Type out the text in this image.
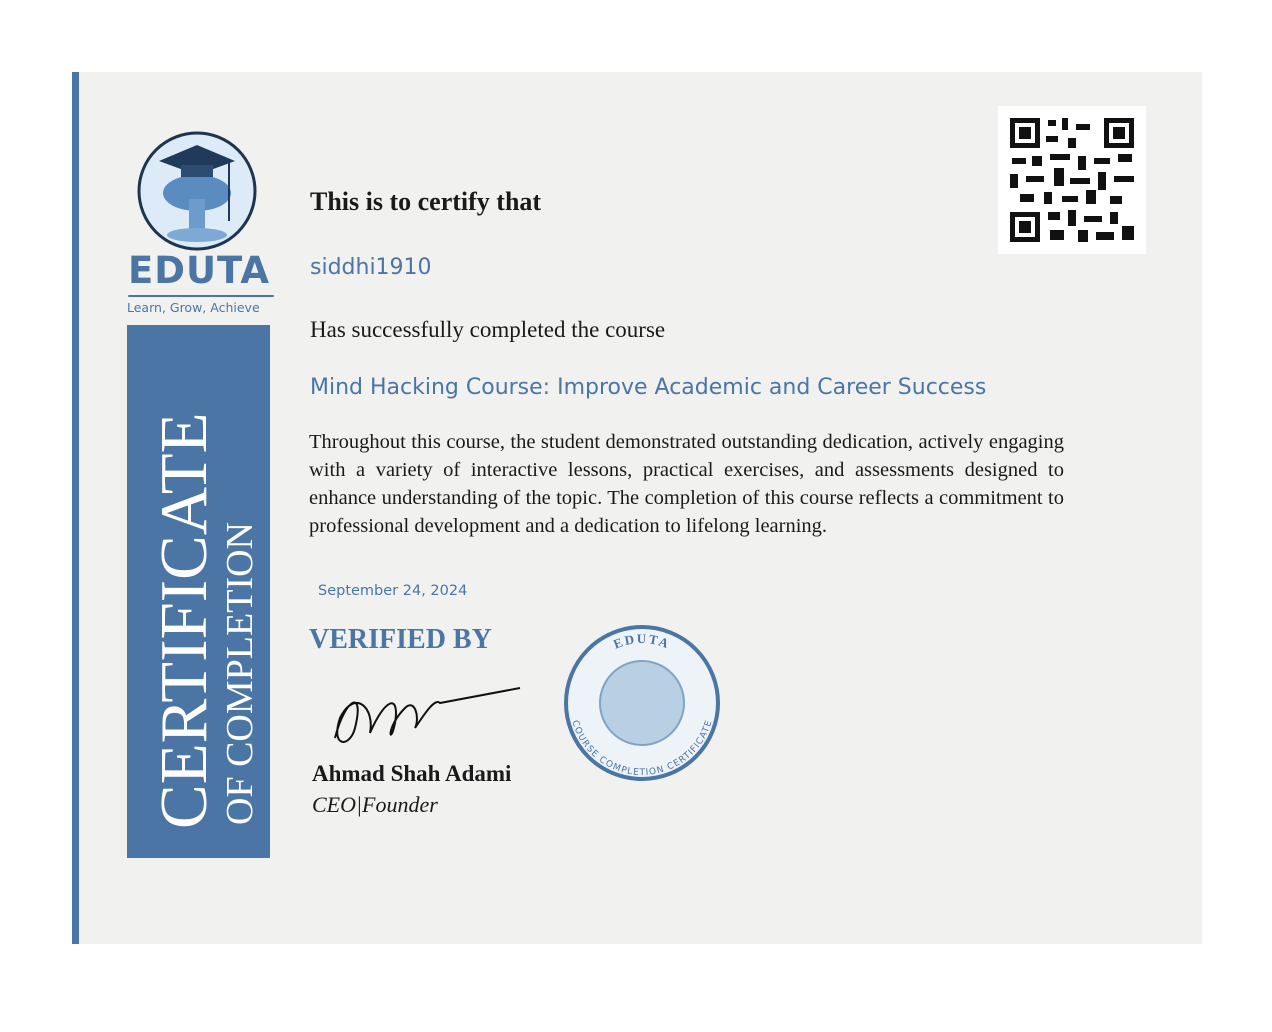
EDUTA
Learn, Grow, Achieve
CERTIFICATE
OF COMPLETION
This is to certify that
siddhi1910
Has successfully completed the course
Mind Hacking Course: Improve Academic and Career Success
Throughout this course, the student demonstrated outstanding dedication, actively engaging with a variety of interactive lessons, practical exercises, and assessments designed to enhance understanding of the topic. The completion of this course reflects a commitment to professional development and a dedication to lifelong learning.
September 24, 2024
VERIFIED BY
Ahmad Shah Adami
CEO|Founder
EDUTA
COURSE COMPLETION CERTIFICATE
